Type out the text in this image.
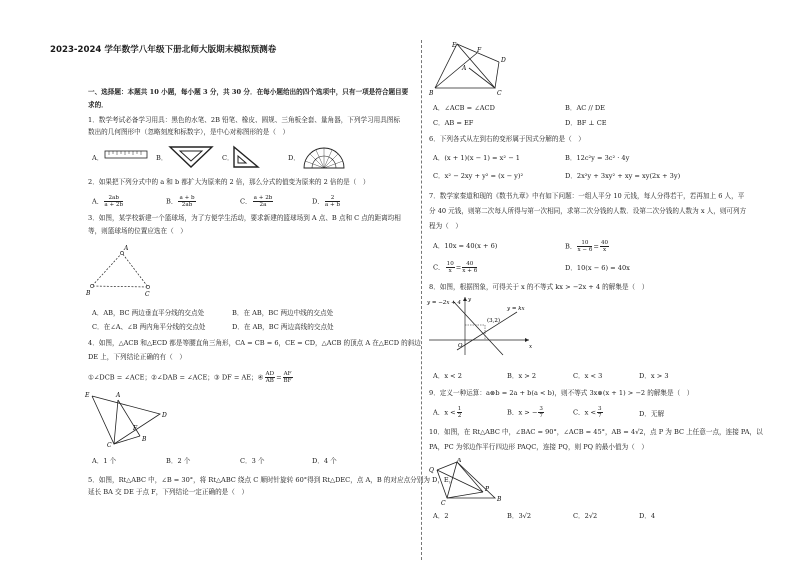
2023-2024 学年数学八年级下册北师大版期末模拟预测卷
一、选择题：本题共 10 小题，每小题 3 分，共 30 分．在每小题给出的四个选项中，只有一项是符合题目要
求的．
1．数学考试必备学习用具：黑色的水笔、2B 铅笔、橡皮、圆规、三角板全套、量角器，下列学习用具图标
数出的几何图形中（忽略刻度和标数字），是中心对称图形的是（　）
A．	B．	C．	D．
2．如果把下列分式中的 a 和 b 都扩大为原来的 2 倍，那么分式的值变为原来的 2 倍的是（　）
A． $\frac{2ab}{a + 2b}$	B． $\frac{a + b}{2ab}$	C． $\frac{a + 2b}{2a}$	D． $\frac{2}{a + b}$
3．如图，某学校新建一个篮球场，为了方便学生活动，要求新建的篮球场到 A 点、B 点和 C 点的距离均相
等，则篮球场的位置应选在（　）
A
B	C
A．AB，BC 两边垂直平分线的交点处	B．在 AB，BC 两边中线的交点处
C．在∠A、∠B 两内角平分线的交点处	D．在 AB，BC 两边高线的交点处
4．如图，△ACB 和△ECD 都是等腰直角三角形，CA = CB = 6，CE = CD，△ACB 的顶点 A 在△ECD 的斜边
DE 上，下列结论正确的有（　）
①∠DCB = ∠ACE；②∠DAB = ∠ACE；③ DF = AE；④ $\frac{AD}{AB} = \frac{AF}{BF}$
E	A
D
F
B
C
A．1 个	B．2 个	C．3 个	D．4 个
5．如图，Rt△ABC 中，∠B = 30°，将 Rt△ABC 绕点 C 顺时针旋转 60°得到 Rt△DEC，点 A，B 的对应点分别为 D，E，
延长 BA 交 DE 于点 F，下列结论一定正确的是（　）
E
D
A
F
B	C
A．∠ACB = ∠ACD	B．AC // DE
C．AB = EF	D．BF ⊥ CE
6．下列各式从左到右的变形属于因式分解的是（　）
A．(x + 1)(x − 1) = x² − 1	B．12c²y = 3c² · 4y
C．x² − 2xy + y² = (x − y)²	D．2x²y + 3xy² + xy = xy(2x + 3y)
7．数学家秦道和现的《数书九章》中有如下问题：一组人平分 10 元钱，每人分得若干，若再加上 6 人，平
分 40 元钱，则第二次每人所得与第一次相同，求第二次分钱的人数．设第二次分钱的人数为 x 人，则可列方
程为（　）
A．10x = 40(x + 6)	B． $\frac{10}{x - 6} = \frac{40}{x}$
C． $\frac{10}{x} = \frac{40}{x + 6}$	D．10(x − 6) = 40x
8．如图，根据图象，可得关于 x 的不等式 kx > −2x + 4 的解集是（　）
y = −2x + 4
y = kx
(3,2)
O	x
y
A．x < 2	B．x > 2	C．x < 3	D．x > 3
9．定义一种运算：a⊗b = 2a + b(a < b)，则不等式 3x⊗(x + 1) > −2 的解集是（　）
A．$x < \frac{1}{2}$	B．x > − $\frac{3}{7}$	C．$x < \frac{3}{7}$	D．无解
10．如图，在 Rt△ABC 中，∠BAC = 90°，∠ACB = 45°，AB = 4√2，点 P 为 BC 上任意一点，连接 PA，以
PA，PC 为邻边作平行四边形 PAQC，连接 PQ，则 PQ 的最小值为（　）
Q
A
B
P
C
A．2	B．3√2	C．2√2	D．4
